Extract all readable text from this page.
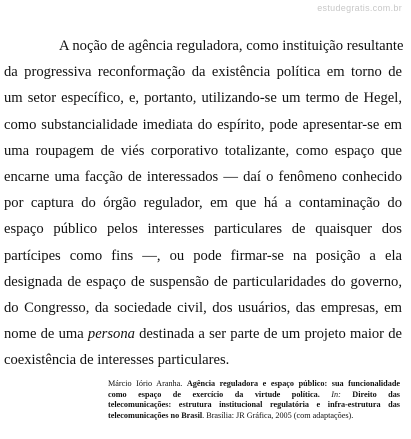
estudegratis.com.br
A noção de agência reguladora, como instituição resultante
da progressiva reconformação da existência política em torno de
um setor específico, e, portanto, utilizando-se um termo de Hegel,
como substancialidade imediata do espírito, pode apresentar-se em
uma roupagem de viés corporativo totalizante, como espaço que
encarne uma facção de interessados — daí o fenômeno conhecido
por captura do órgão regulador, em que há a contaminação do
espaço público pelos interesses particulares de quaisquer dos
partícipes como fins —, ou pode firmar-se na posição a ela
designada de espaço de suspensão de particularidades do governo,
do Congresso, da sociedade civil, dos usuários, das empresas, em
nome de uma persona destinada a ser parte de um projeto maior de
coexistência de interesses particulares.
Márcio Iório Aranha. Agência reguladora e espaço público: sua funcionalidade
como espaço de exercício da virtude política. In: Direito das
telecomunicações: estrutura institucional regulatória e infra-estrutura das
telecomunicações no Brasil. Brasília: JR Gráfica, 2005 (com adaptações).
